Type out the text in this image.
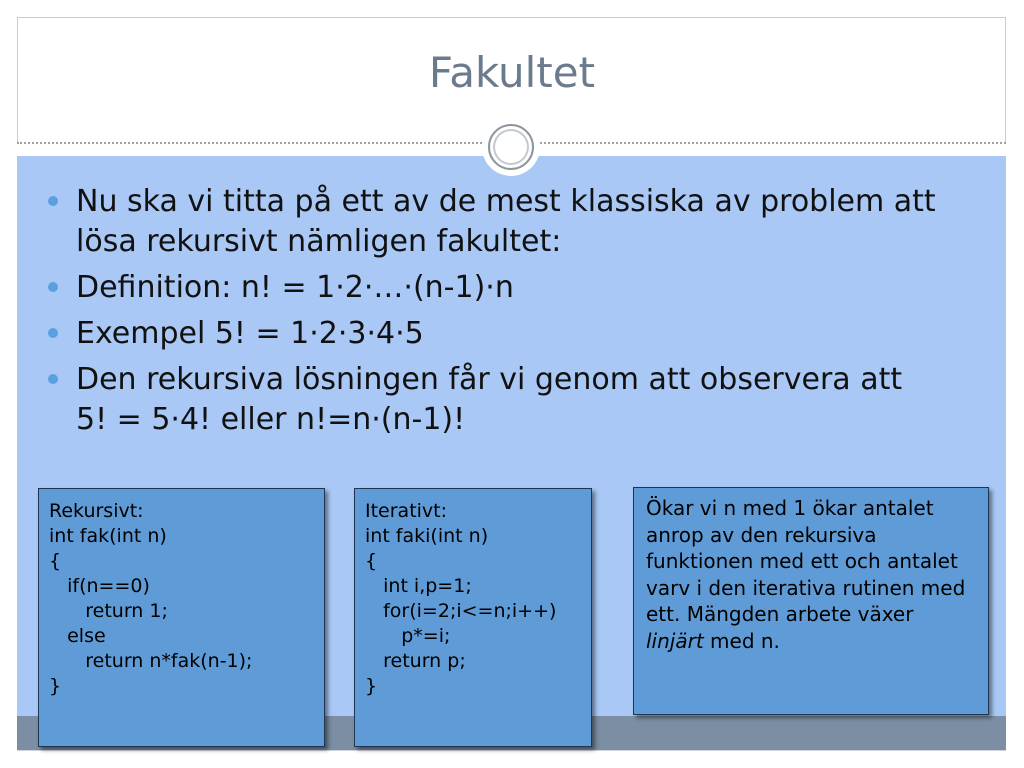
Fakultet
Nu ska vi titta på ett av de mest klassiska av problem att lösa rekursivt nämligen fakultet:
Definition: n! = 1·2·…·(n-1)·n
Exempel 5! = 1·2·3·4·5
Den rekursiva lösningen får vi genom att observera att 5! = 5·4! eller n!=n·(n-1)!
Rekursivt:
int fak(int n)
{
if(n==0)
return 1;
else
return n*fak(n-1);
}
Iterativt:
int faki(int n)
{
int i,p=1;
for(i=2;i<=n;i++)
p*=i;
return p;
}
Ökar vi n med 1 ökar antalet anrop av den rekursiva funktionen med ett och antalet varv i den iterativa rutinen med ett. Mängden arbete växer linjärt med n.
